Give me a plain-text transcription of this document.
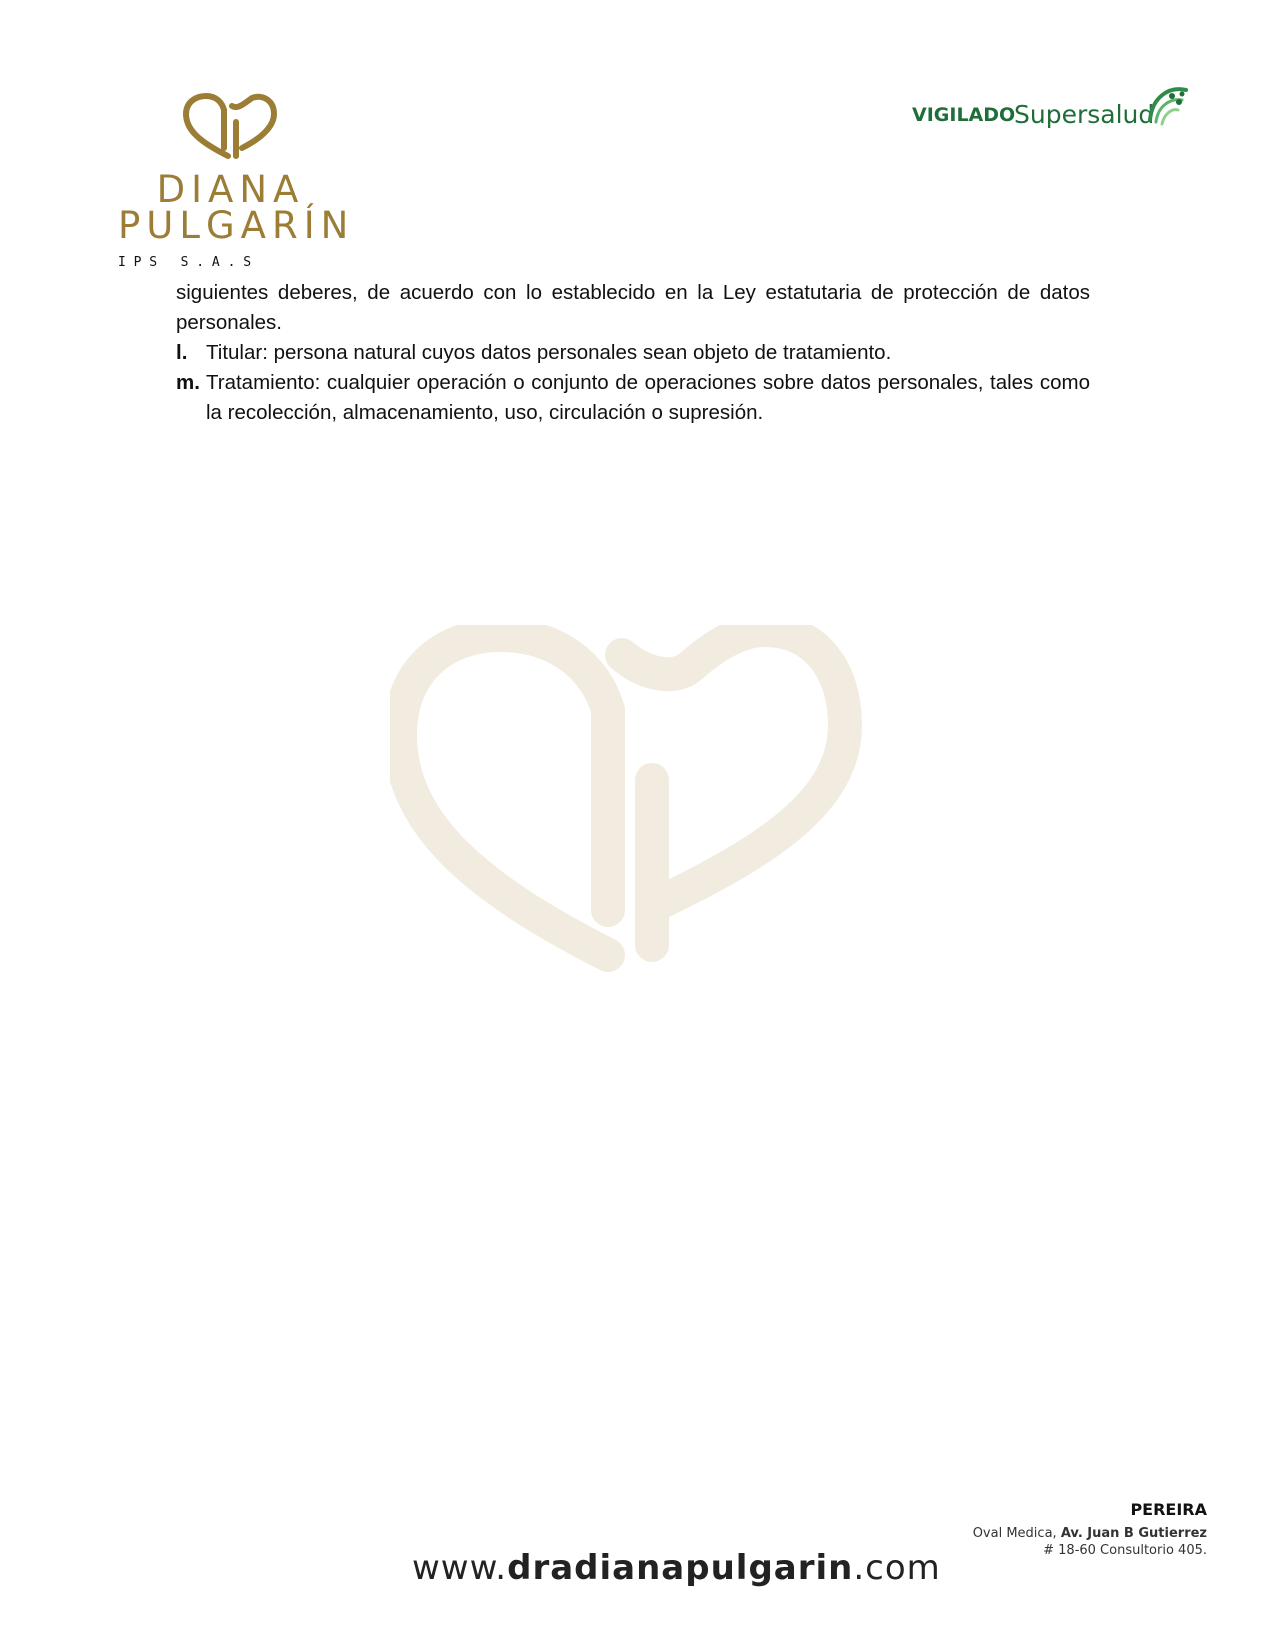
DIANA
PULGARÍN
I P S   S . A . S
VIGILADO
Supersalud

siguientes deberes, de acuerdo con lo establecido en la Ley estatutaria de protección de datos personales.

l. Titular: persona natural cuyos datos personales sean objeto de tratamiento.
m. Tratamiento: cualquier operación o conjunto de operaciones sobre datos personales, tales como la recolección, almacenamiento, uso, circulación o supresión.
PEREIRA
Oval Medica, Av. Juan B Gutierrez
# 18-60 Consultorio 405.
www.dradianapulgarin.com
